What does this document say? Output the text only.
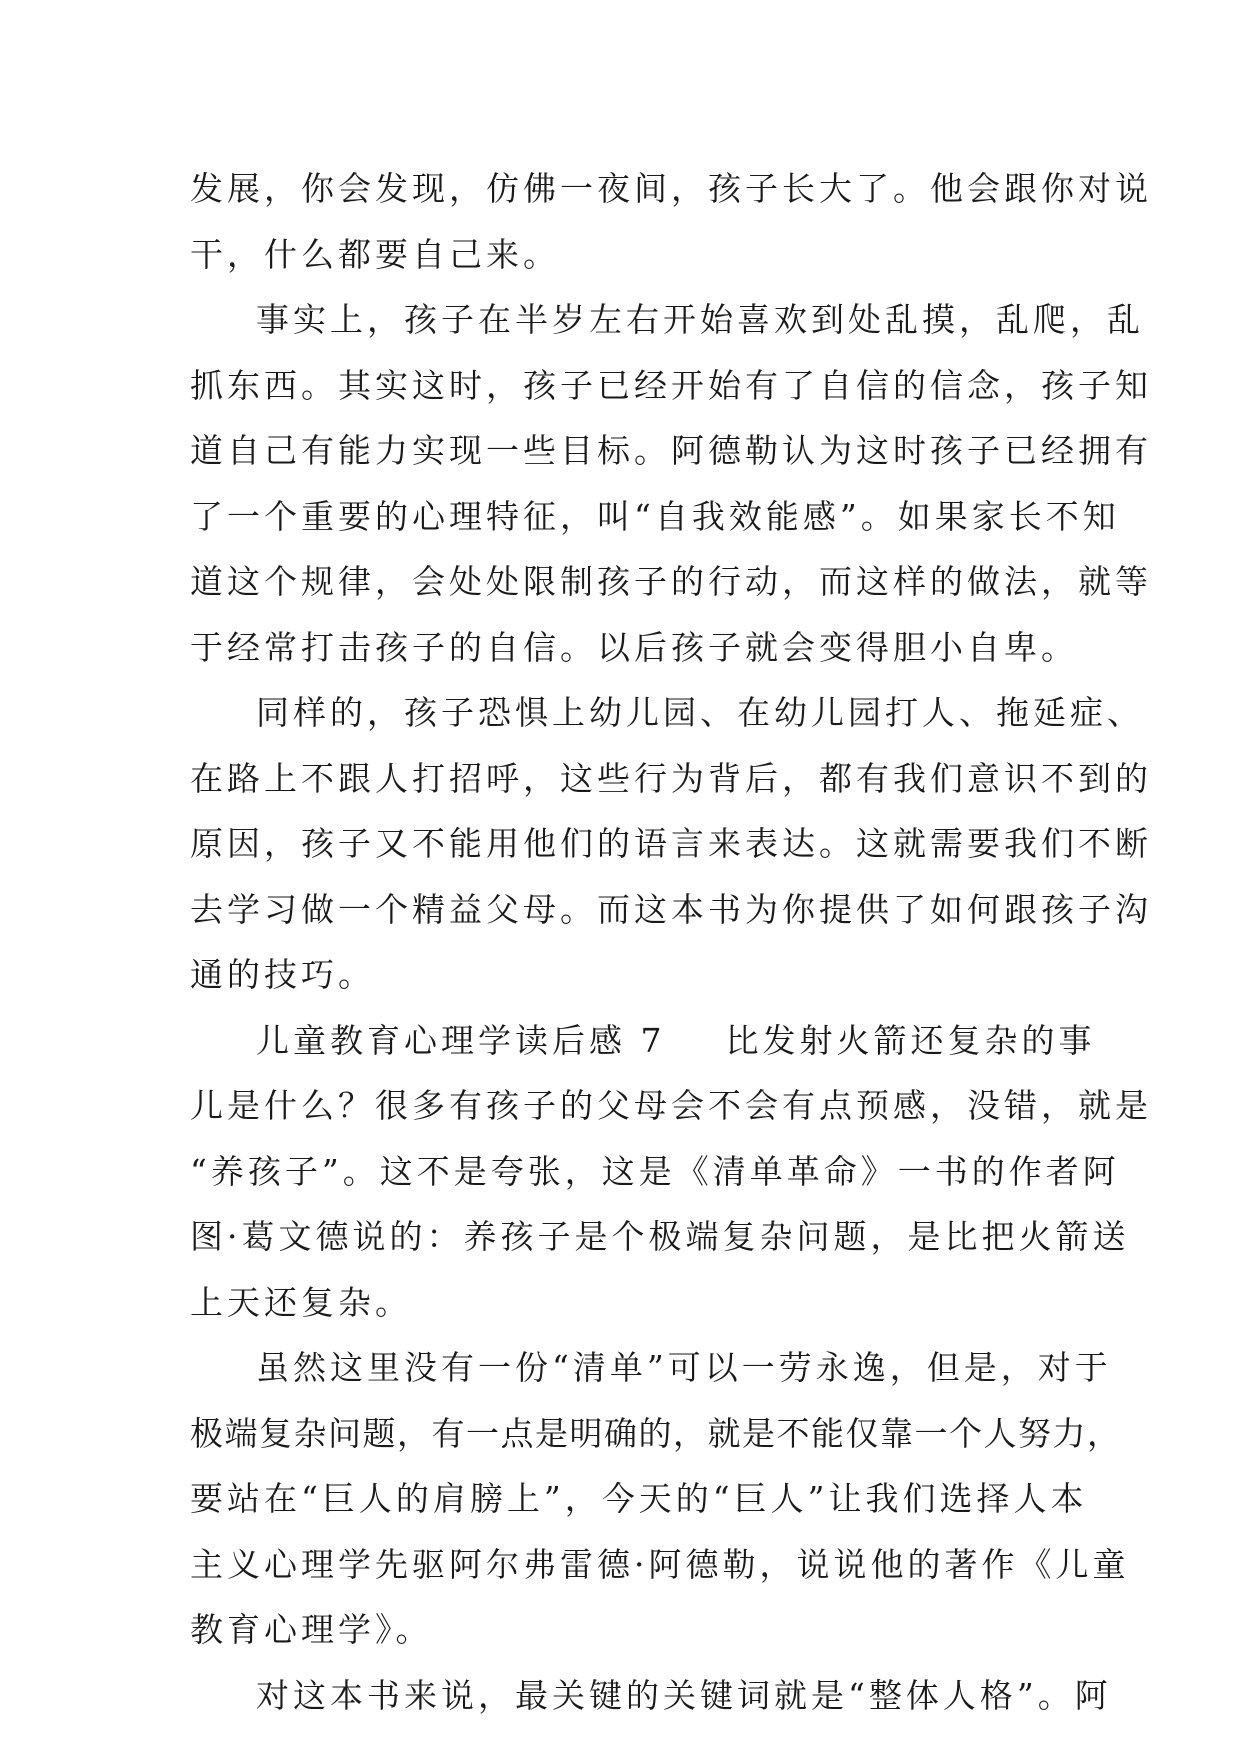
发展，你会发现，仿佛一夜间，孩子长大了。他会跟你对说
干，什么都要自己来。
事实上，孩子在半岁左右开始喜欢到处乱摸，乱爬，乱
抓东西。其实这时，孩子已经开始有了自信的信念，孩子知
道自己有能力实现一些目标。阿德勒认为这时孩子已经拥有
了一个重要的心理特征，叫“自我效能感”。如果家长不知
道这个规律，会处处限制孩子的行动，而这样的做法，就等
于经常打击孩子的自信。以后孩子就会变得胆小自卑。
同样的，孩子恐惧上幼儿园、在幼儿园打人、拖延症、
在路上不跟人打招呼，这些行为背后，都有我们意识不到的
原因，孩子又不能用他们的语言来表达。这就需要我们不断
去学习做一个精益父母。而这本书为你提供了如何跟孩子沟
通的技巧。
儿童教育心理学读后感 7 比发射火箭还复杂的事
儿是什么？很多有孩子的父母会不会有点预感，没错，就是
“养孩子”。这不是夸张，这是《清单革命》一书的作者阿
图·葛文德说的：养孩子是个极端复杂问题，是比把火箭送
上天还复杂。
虽然这里没有一份“清单”可以一劳永逸，但是，对于
极端复杂问题，有一点是明确的，就是不能仅靠一个人努力，
要站在“巨人的肩膀上”，今天的“巨人”让我们选择人本
主义心理学先驱阿尔弗雷德·阿德勒，说说他的著作《儿童
教育心理学》。
对这本书来说，最关键的关键词就是“整体人格”。阿
